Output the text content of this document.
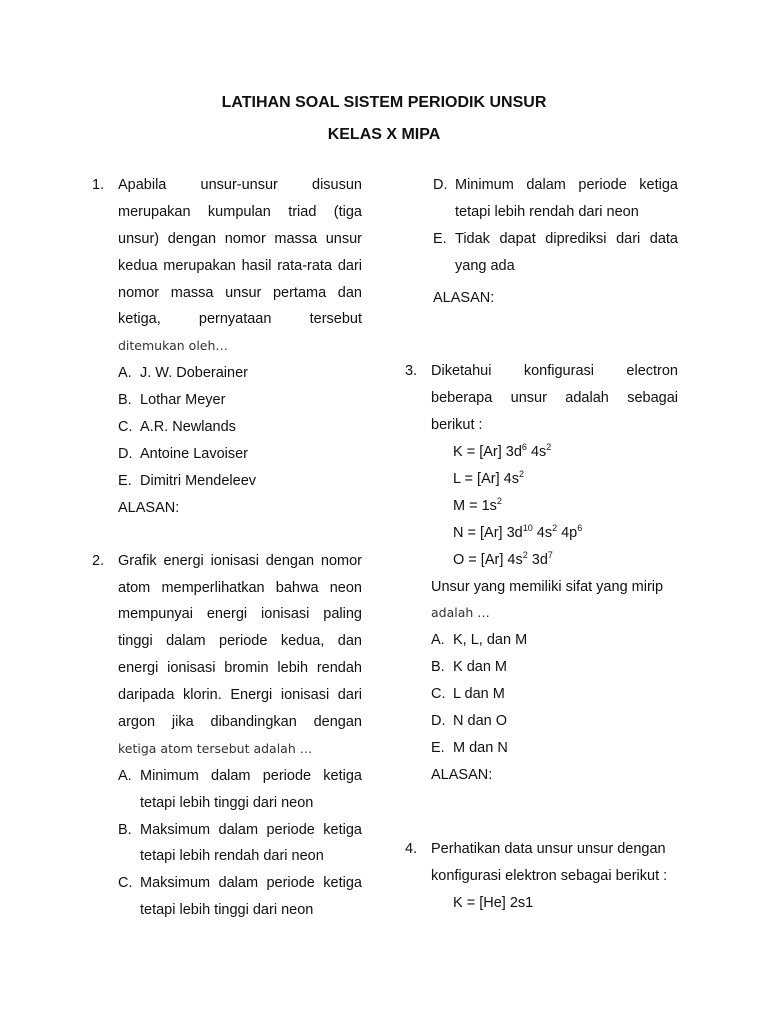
LATIHAN SOAL SISTEM PERIODIK UNSUR
KELAS X MIPA
1. Apabila unsur-unsur disusun
merupakan kumpulan triad (tiga
unsur) dengan nomor massa unsur
kedua merupakan hasil rata-rata dari
nomor massa unsur pertama dan
ketiga, pernyataan tersebut
ditemukan oleh…
A. J. W. Doberainer
B. Lothar Meyer
C. A.R. Newlands
D. Antoine Lavoiser
E. Dimitri Mendeleev
ALASAN:
2. Grafik energi ionisasi dengan nomor
atom memperlihatkan bahwa neon
mempunyai energi ionisasi paling
tinggi dalam periode kedua, dan
energi ionisasi bromin lebih rendah
daripada klorin. Energi ionisasi dari
argon jika dibandingkan dengan
ketiga atom tersebut adalah …
A. Minimum dalam periode ketiga
tetapi lebih tinggi dari neon
B. Maksimum dalam periode ketiga
tetapi lebih rendah dari neon
C. Maksimum dalam periode ketiga
tetapi lebih tinggi dari neon
D. Minimum dalam periode ketiga
tetapi lebih rendah dari neon
E. Tidak dapat diprediksi dari data
yang ada
ALASAN:
3. Diketahui konfigurasi electron
beberapa unsur adalah sebagai
berikut :
K = [Ar] $3d^6$ $4s^2$
L = [Ar] $4s^2$
$M = 1s^2$
N = [Ar] $3d^{10}$ $4s^2$ $4p^6$
O = [Ar] $4s^2$ $3d^7$
Unsur yang memiliki sifat yang mirip
adalah …
A. K, L, dan M
B. K dan M
C. L dan M
D. N dan O
E. M dan N
ALASAN:
4. Perhatikan data unsur unsur dengan
konfigurasi elektron sebagai berikut :
K = [He] 2s1
